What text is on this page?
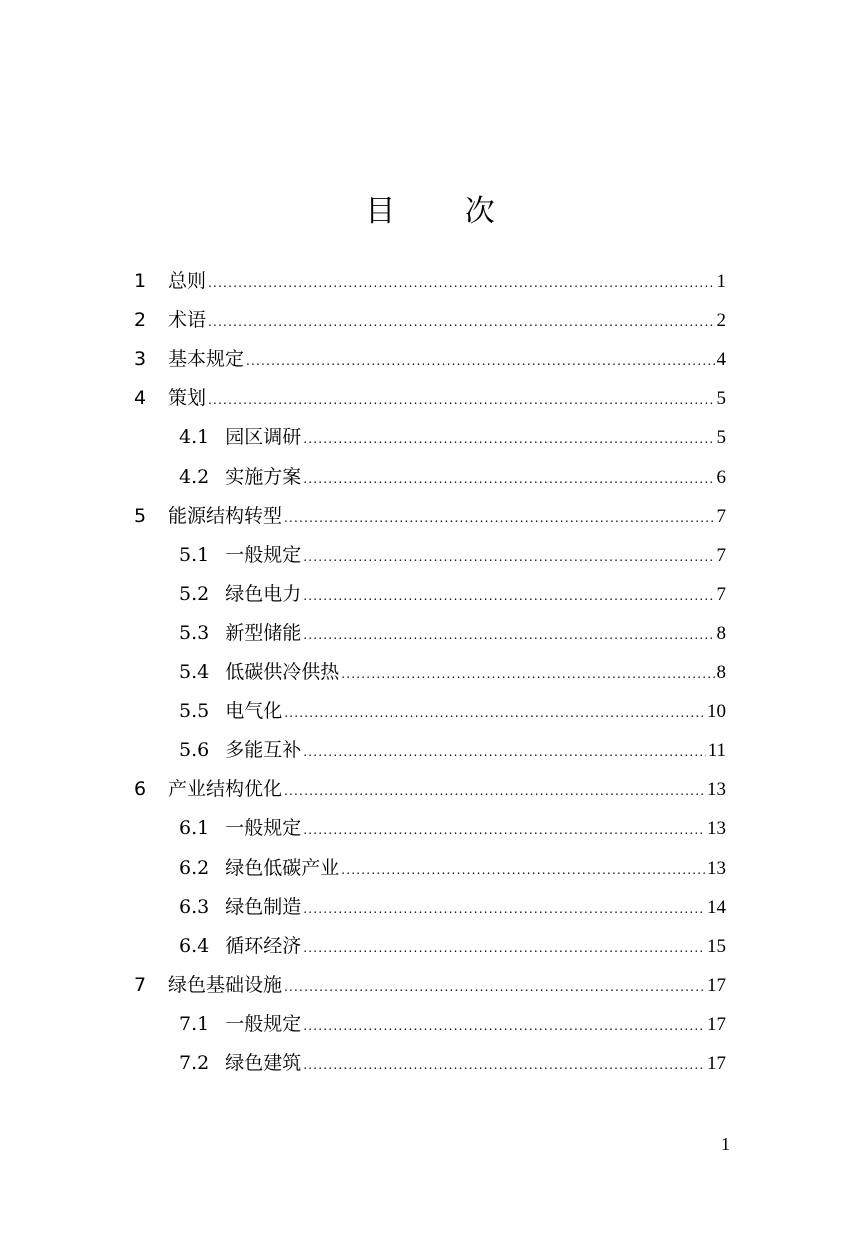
目 次
1	总则 .....	1
2	术语 .....	2
3	基本规定 .....	4
4	策划 .....	5
4.1 园区调研 .....	5
4.2 实施方案 .....	6
5	能源结构转型 .....	7
5.1 一般规定 .....	7
5.2 绿色电力 .....	7
5.3 新型储能 .....	8
5.4 低碳供冷供热 .....	8
5.5 电气化 .....	10
5.6 多能互补 .....	11
6	产业结构优化 .....	13
6.1 一般规定 .....	13
6.2 绿色低碳产业 .....	13
6.3 绿色制造 .....	14
6.4 循环经济 .....	15
7	绿色基础设施 .....	17
7.1 一般规定 .....	17
7.2 绿色建筑 .....	17
1
